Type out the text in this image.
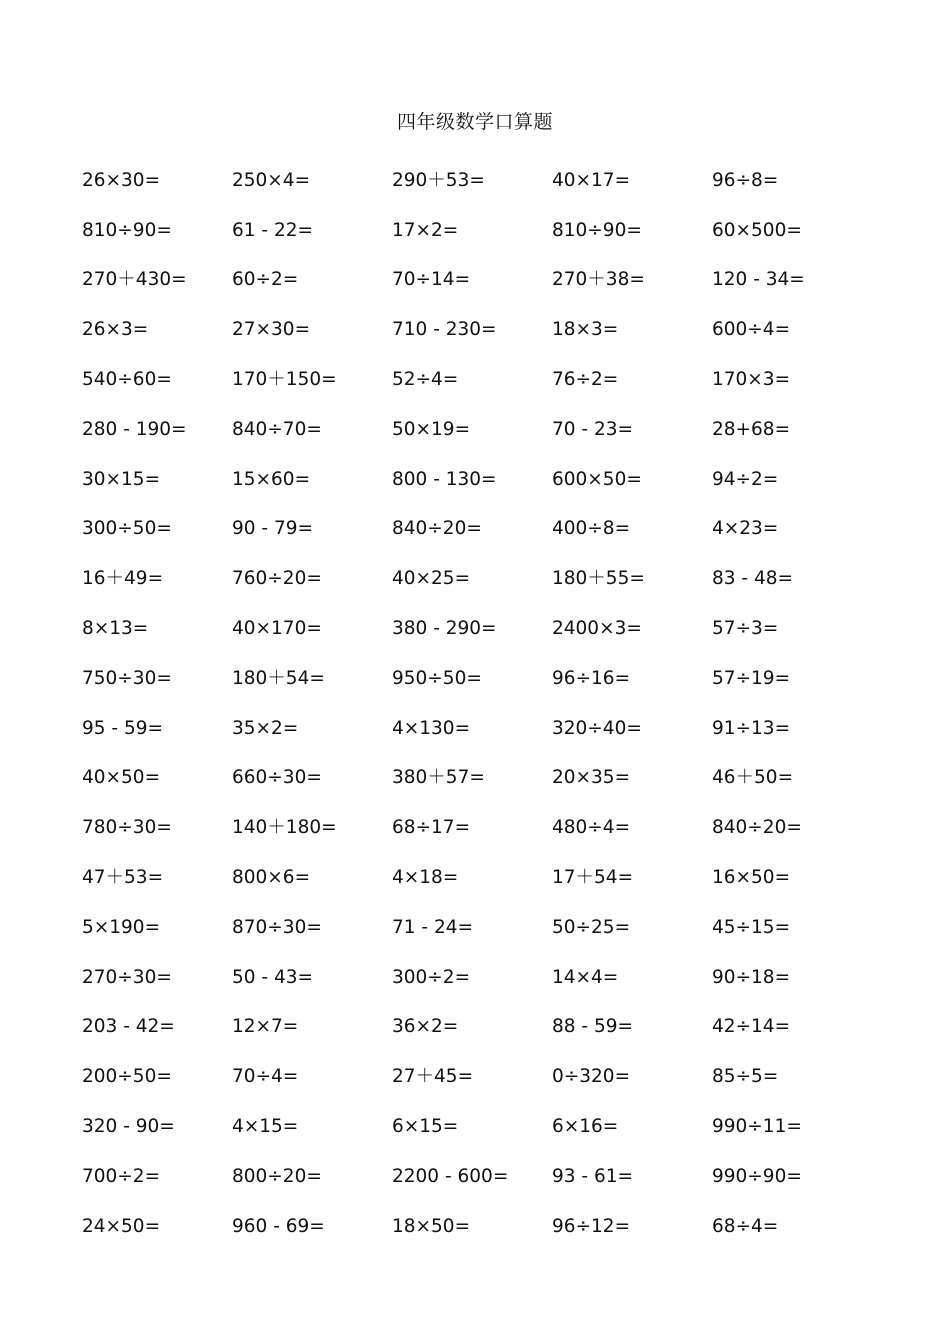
四年级数学口算题
26×30=	250×4=	290＋53=	40×17=	96÷8=
810÷90=	61 - 22=	17×2=	810÷90=	60×500=
270＋430=	60÷2=	70÷14=	270＋38=	120 - 34=
26×3=	27×30=	710 - 230=	18×3=	600÷4=
540÷60=	170＋150=	52÷4=	76÷2=	170×3=
280 - 190=	840÷70=	50×19=	70 - 23=	28+68=
30×15=	15×60=	800 - 130=	600×50=	94÷2=
300÷50=	90 - 79=	840÷20=	400÷8=	4×23=
16＋49=	760÷20=	40×25=	180＋55=	83 - 48=
8×13=	40×170=	380 - 290=	2400×3=	57÷3=
750÷30=	180＋54=	950÷50=	96÷16=	57÷19=
95 - 59=	35×2=	4×130=	320÷40=	91÷13=
40×50=	660÷30=	380＋57=	20×35=	46＋50=
780÷30=	140＋180=	68÷17=	480÷4=	840÷20=
47＋53=	800×6=	4×18=	17＋54=	16×50=
5×190=	870÷30=	71 - 24=	50÷25=	45÷15=
270÷30=	50 - 43=	300÷2=	14×4=	90÷18=
203 - 42=	12×7=	36×2=	88 - 59=	42÷14=
200÷50=	70÷4=	27＋45=	0÷320=	85÷5=
320 - 90=	4×15=	6×15=	6×16=	990÷11=
700÷2=	800÷20=	2200 - 600=	93 - 61=	990÷90=
24×50=	960 - 69=	18×50=	96÷12=	68÷4=
